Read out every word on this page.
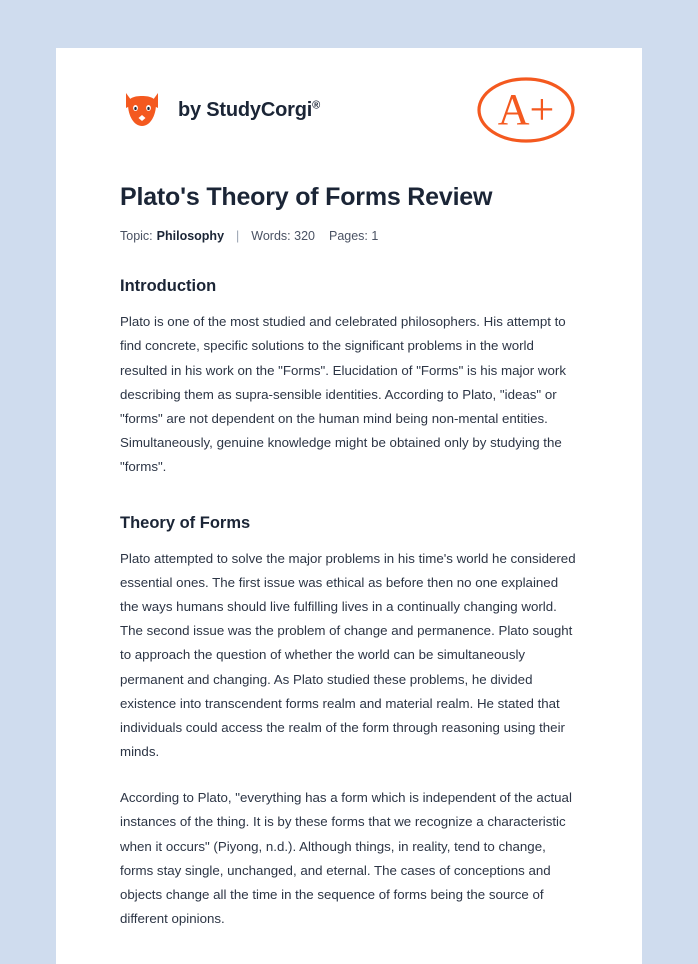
by StudyCorgi®	A+
Plato's Theory of Forms Review
Topic: Philosophy | Words: 320 Pages: 1
Introduction

Plato is one of the most studied and celebrated philosophers. His attempt to find concrete, specific solutions to the significant problems in the world resulted in his work on the "Forms". Elucidation of "Forms" is his major work describing them as supra-sensible identities. According to Plato, "ideas" or "forms" are not dependent on the human mind being non-mental entities. Simultaneously, genuine knowledge might be obtained only by studying the "forms".

Theory of Forms

Plato attempted to solve the major problems in his time's world he considered essential ones. The first issue was ethical as before then no one explained the ways humans should live fulfilling lives in a continually changing world. The second issue was the problem of change and permanence. Plato sought to approach the question of whether the world can be simultaneously permanent and changing. As Plato studied these problems, he divided existence into transcendent forms realm and material realm. He stated that individuals could access the realm of the form through reasoning using their minds.

According to Plato, "everything has a form which is independent of the actual instances of the thing. It is by these forms that we recognize a characteristic when it occurs" (Piyong, n.d.). Although things, in reality, tend to change, forms stay single, unchanged, and eternal. The cases of conceptions and objects change all the time in the sequence of forms being the source of different opinions.
